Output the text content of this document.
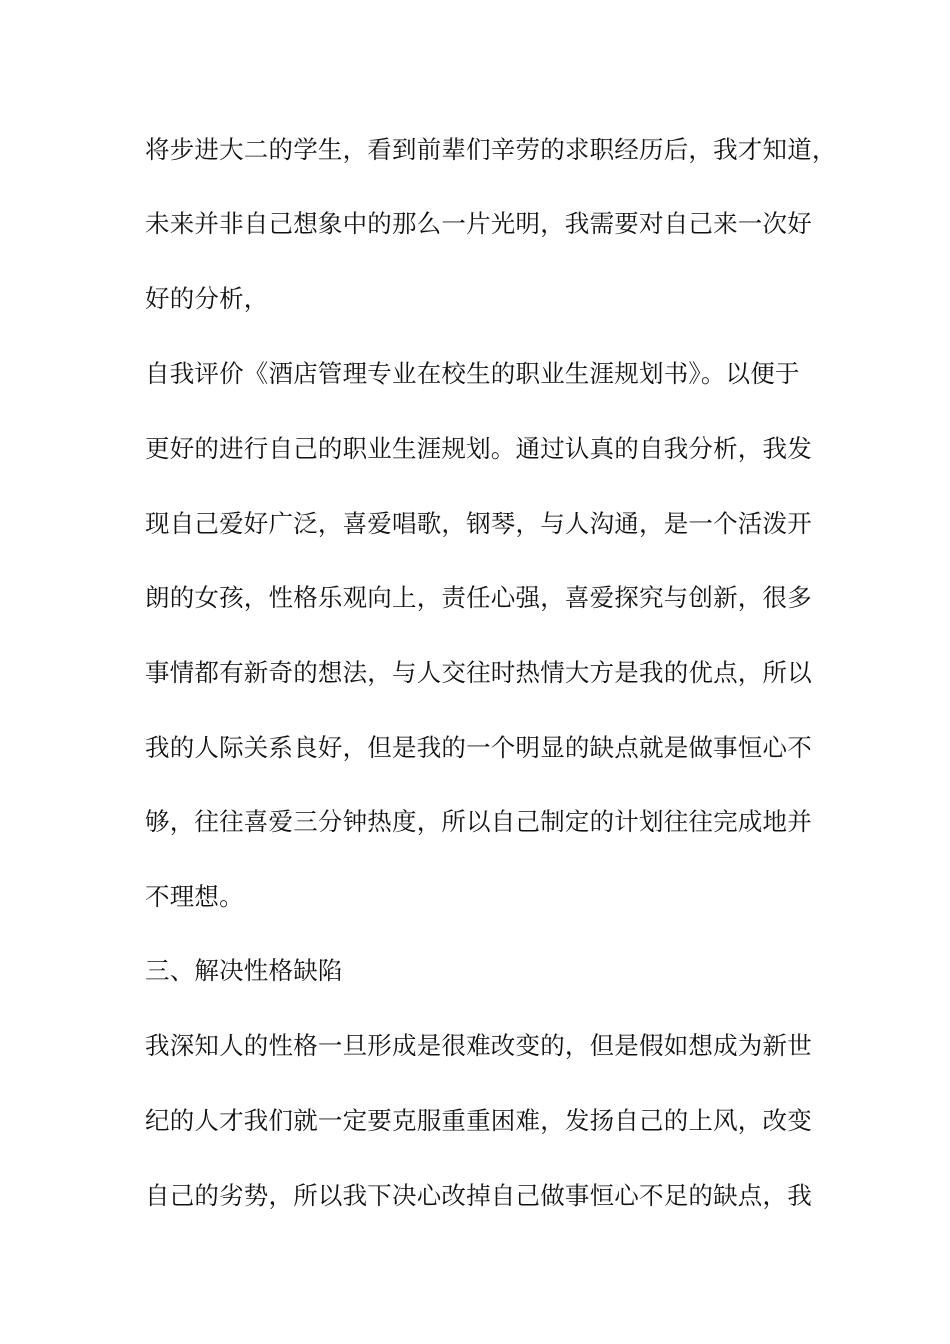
将步进大二的学生，看到前辈们辛劳的求职经历后，我才知道，
未来并非自己想象中的那么一片光明，我需要对自己来一次好
好的分析，
自我评价《酒店管理专业在校生的职业生涯规划书》。以便于
更好的进行自己的职业生涯规划。通过认真的自我分析，我发
现自己爱好广泛，喜爱唱歌，钢琴，与人沟通，是一个活泼开
朗的女孩，性格乐观向上，责任心强，喜爱探究与创新，很多
事情都有新奇的想法，与人交往时热情大方是我的优点，所以
我的人际关系良好，但是我的一个明显的缺点就是做事恒心不
够，往往喜爱三分钟热度，所以自己制定的计划往往完成地并
不理想。
三、解决性格缺陷
我深知人的性格一旦形成是很难改变的，但是假如想成为新世
纪的人才我们就一定要克服重重困难，发扬自己的上风，改变
自己的劣势，所以我下决心改掉自己做事恒心不足的缺点，我
